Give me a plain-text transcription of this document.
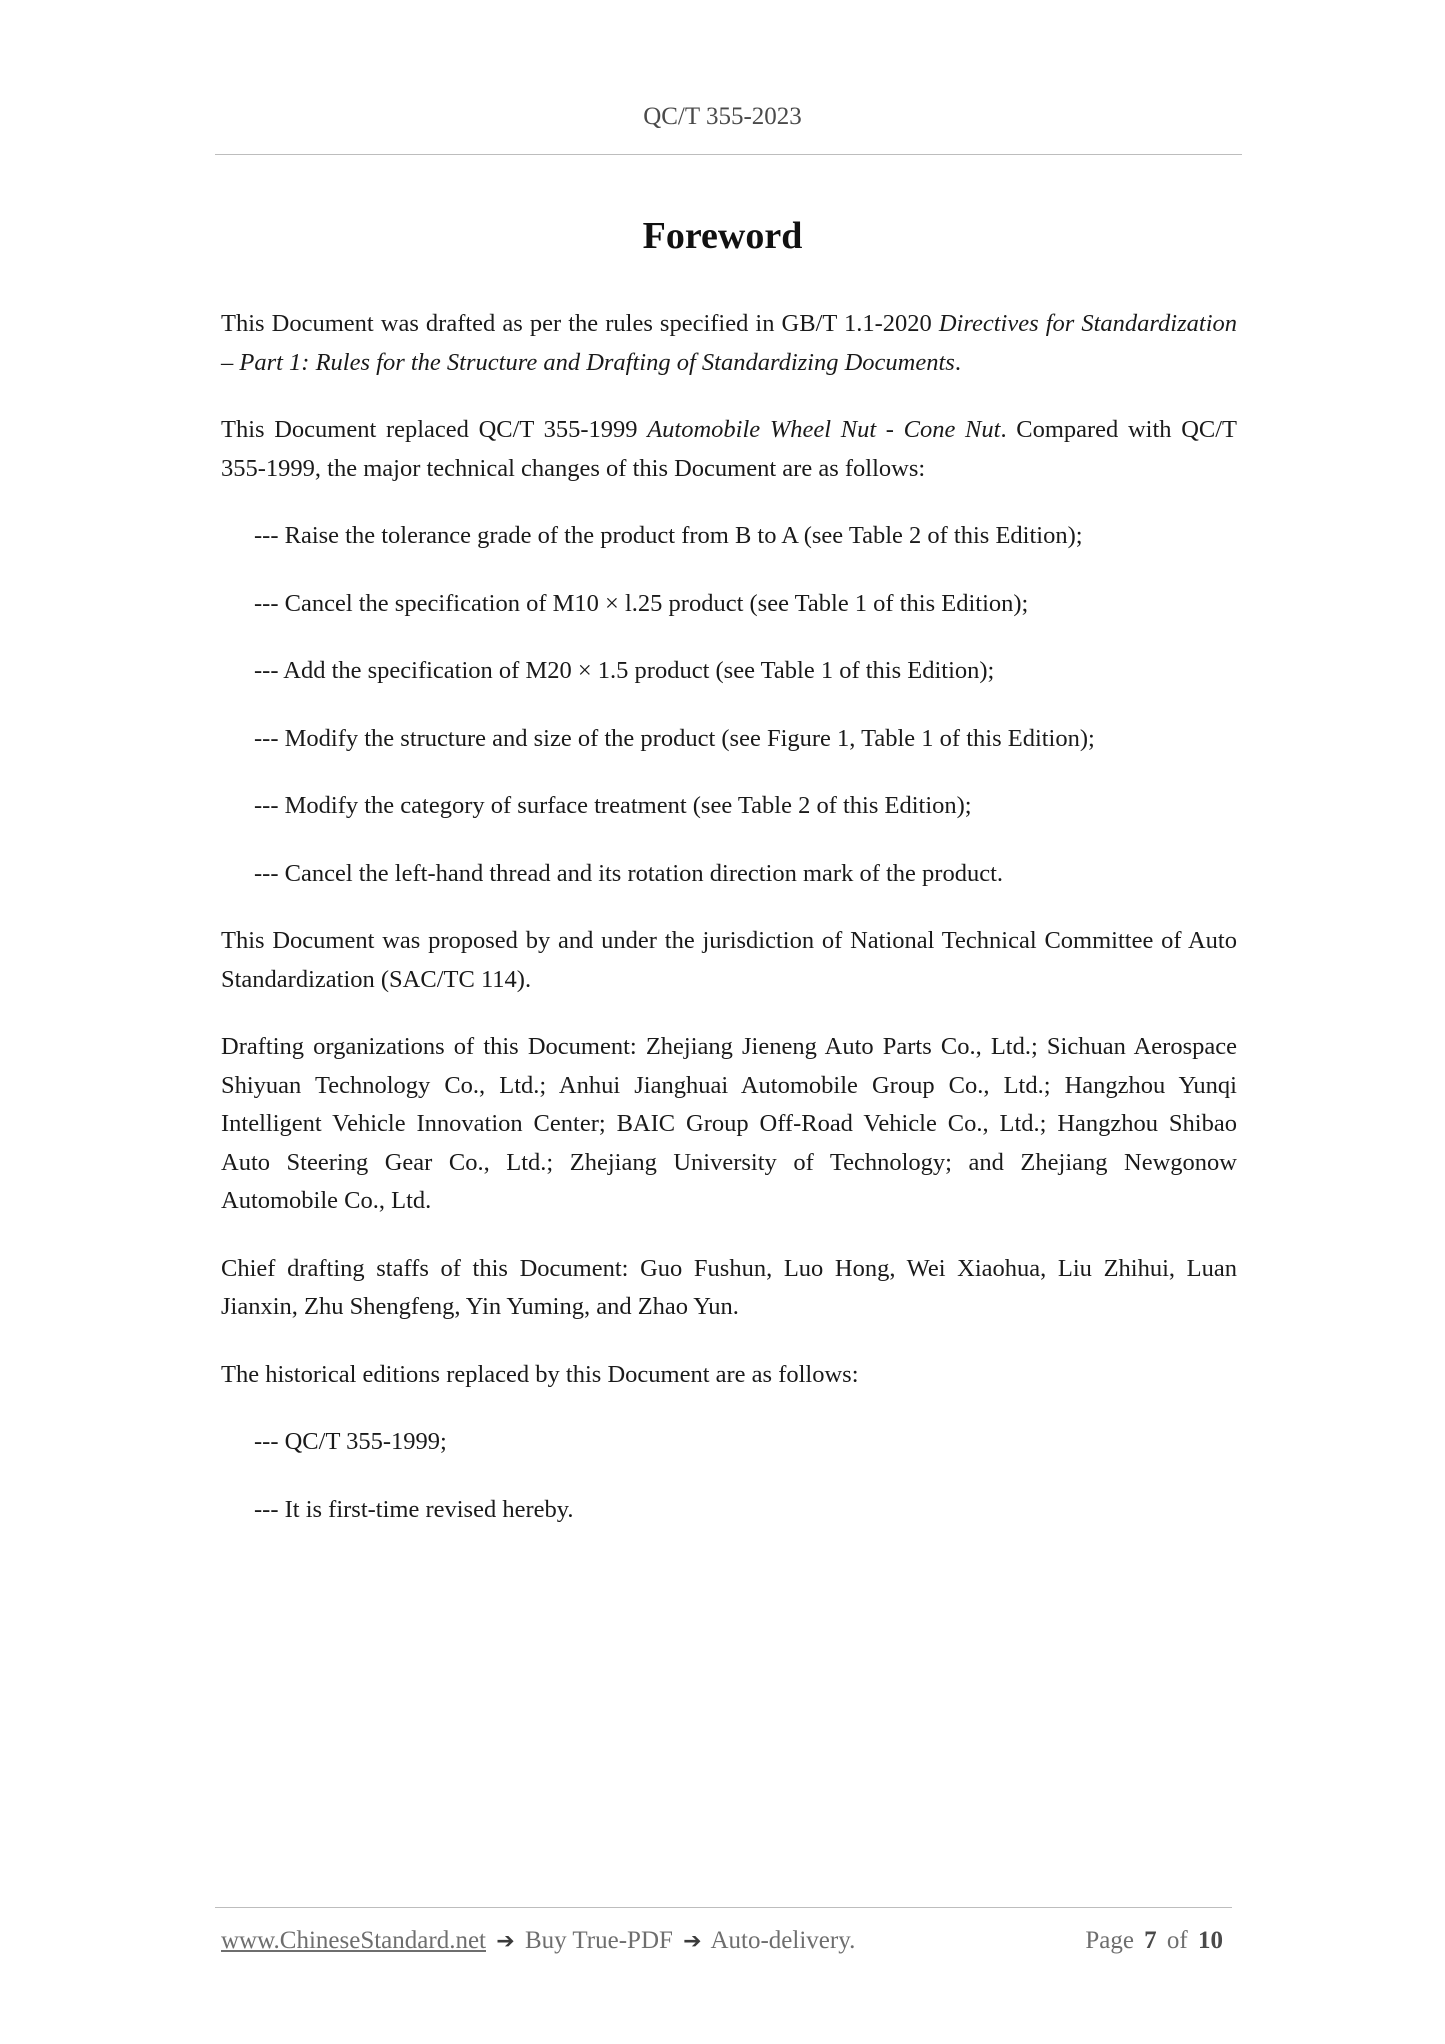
QC/T 355-2023
Foreword

This Document was drafted as per the rules specified in GB/T 1.1-2020 Directives for Standardization – Part 1: Rules for the Structure and Drafting of Standardizing Documents.

This Document replaced QC/T 355-1999 Automobile Wheel Nut - Cone Nut. Compared with QC/T 355-1999, the major technical changes of this Document are as follows:

--- Raise the tolerance grade of the product from B to A (see Table 2 of this Edition);

--- Cancel the specification of M10 × l.25 product (see Table 1 of this Edition);

--- Add the specification of M20 × 1.5 product (see Table 1 of this Edition);

--- Modify the structure and size of the product (see Figure 1, Table 1 of this Edition);

--- Modify the category of surface treatment (see Table 2 of this Edition);

--- Cancel the left-hand thread and its rotation direction mark of the product.

This Document was proposed by and under the jurisdiction of National Technical Committee of Auto Standardization (SAC/TC 114).

Drafting organizations of this Document: Zhejiang Jieneng Auto Parts Co., Ltd.; Sichuan Aerospace Shiyuan Technology Co., Ltd.; Anhui Jianghuai Automobile Group Co., Ltd.; Hangzhou Yunqi Intelligent Vehicle Innovation Center; BAIC Group Off-Road Vehicle Co., Ltd.; Hangzhou Shibao Auto Steering Gear Co., Ltd.; Zhejiang University of Technology; and Zhejiang Newgonow Automobile Co., Ltd.

Chief drafting staffs of this Document: Guo Fushun, Luo Hong, Wei Xiaohua, Liu Zhihui, Luan Jianxin, Zhu Shengfeng, Yin Yuming, and Zhao Yun.

The historical editions replaced by this Document are as follows:

--- QC/T 355-1999;

--- It is first-time revised hereby.

www.ChineseStandard.net ➔ Buy True-PDF ➔ Auto-delivery.	Page 7 of 10
